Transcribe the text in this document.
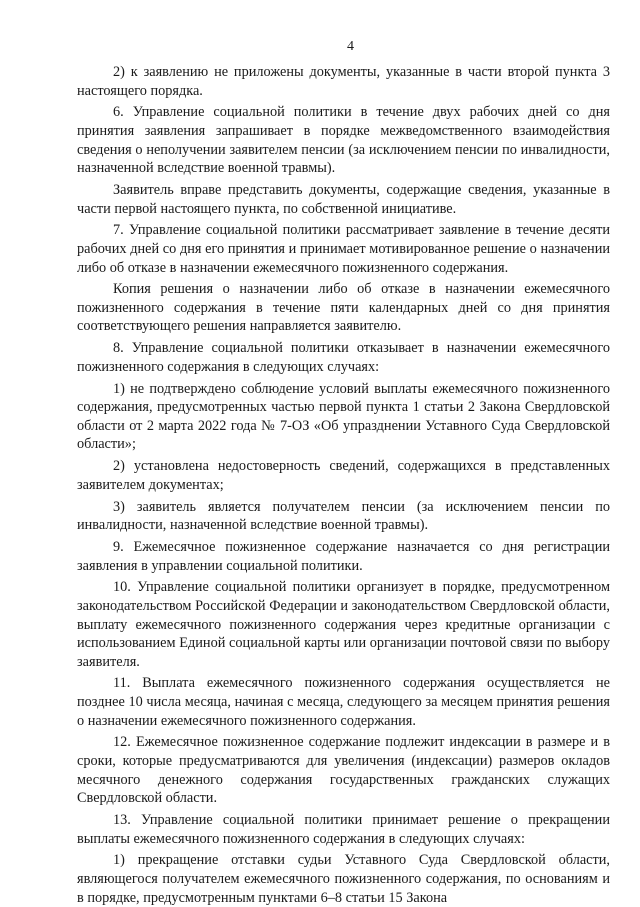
4

2) к заявлению не приложены документы, указанные в части второй пункта 3 настоящего порядка.

6. Управление социальной политики в течение двух рабочих дней со дня принятия заявления запрашивает в порядке межведомственного взаимодействия сведения о неполучении заявителем пенсии (за исключением пенсии по инвалидности, назначенной вследствие военной травмы).

Заявитель вправе представить документы, содержащие сведения, указанные в части первой настоящего пункта, по собственной инициативе.

7. Управление социальной политики рассматривает заявление в течение десяти рабочих дней со дня его принятия и принимает мотивированное решение о назначении либо об отказе в назначении ежемесячного пожизненного содержания.

Копия решения о назначении либо об отказе в назначении ежемесячного пожизненного содержания в течение пяти календарных дней со дня принятия соответствующего решения направляется заявителю.

8. Управление социальной политики отказывает в назначении ежемесячного пожизненного содержания в следующих случаях:

1) не подтверждено соблюдение условий выплаты ежемесячного пожизненного содержания, предусмотренных частью первой пункта 1 статьи 2 Закона Свердловской области от 2 марта 2022 года № 7-ОЗ «Об упразднении Уставного Суда Свердловской области»;

2) установлена недостоверность сведений, содержащихся в представленных заявителем документах;

3) заявитель является получателем пенсии (за исключением пенсии по инвалидности, назначенной вследствие военной травмы).

9. Ежемесячное пожизненное содержание назначается со дня регистрации заявления в управлении социальной политики.

10. Управление социальной политики организует в порядке, предусмотренном законодательством Российской Федерации и законодательством Свердловской области, выплату ежемесячного пожизненного содержания через кредитные организации с использованием Единой социальной карты или организации почтовой связи по выбору заявителя.

11. Выплата ежемесячного пожизненного содержания осуществляется не позднее 10 числа месяца, начиная с месяца, следующего за месяцем принятия решения о назначении ежемесячного пожизненного содержания.

12. Ежемесячное пожизненное содержание подлежит индексации в размере и в сроки, которые предусматриваются для увеличения (индексации) размеров окладов месячного денежного содержания государственных гражданских служащих Свердловской области.

13. Управление социальной политики принимает решение о прекращении выплаты ежемесячного пожизненного содержания в следующих случаях:

1) прекращение отставки судьи Уставного Суда Свердловской области, являющегося получателем ежемесячного пожизненного содержания, по основаниям и в порядке, предусмотренным пунктами 6–8 статьи 15 Закона
